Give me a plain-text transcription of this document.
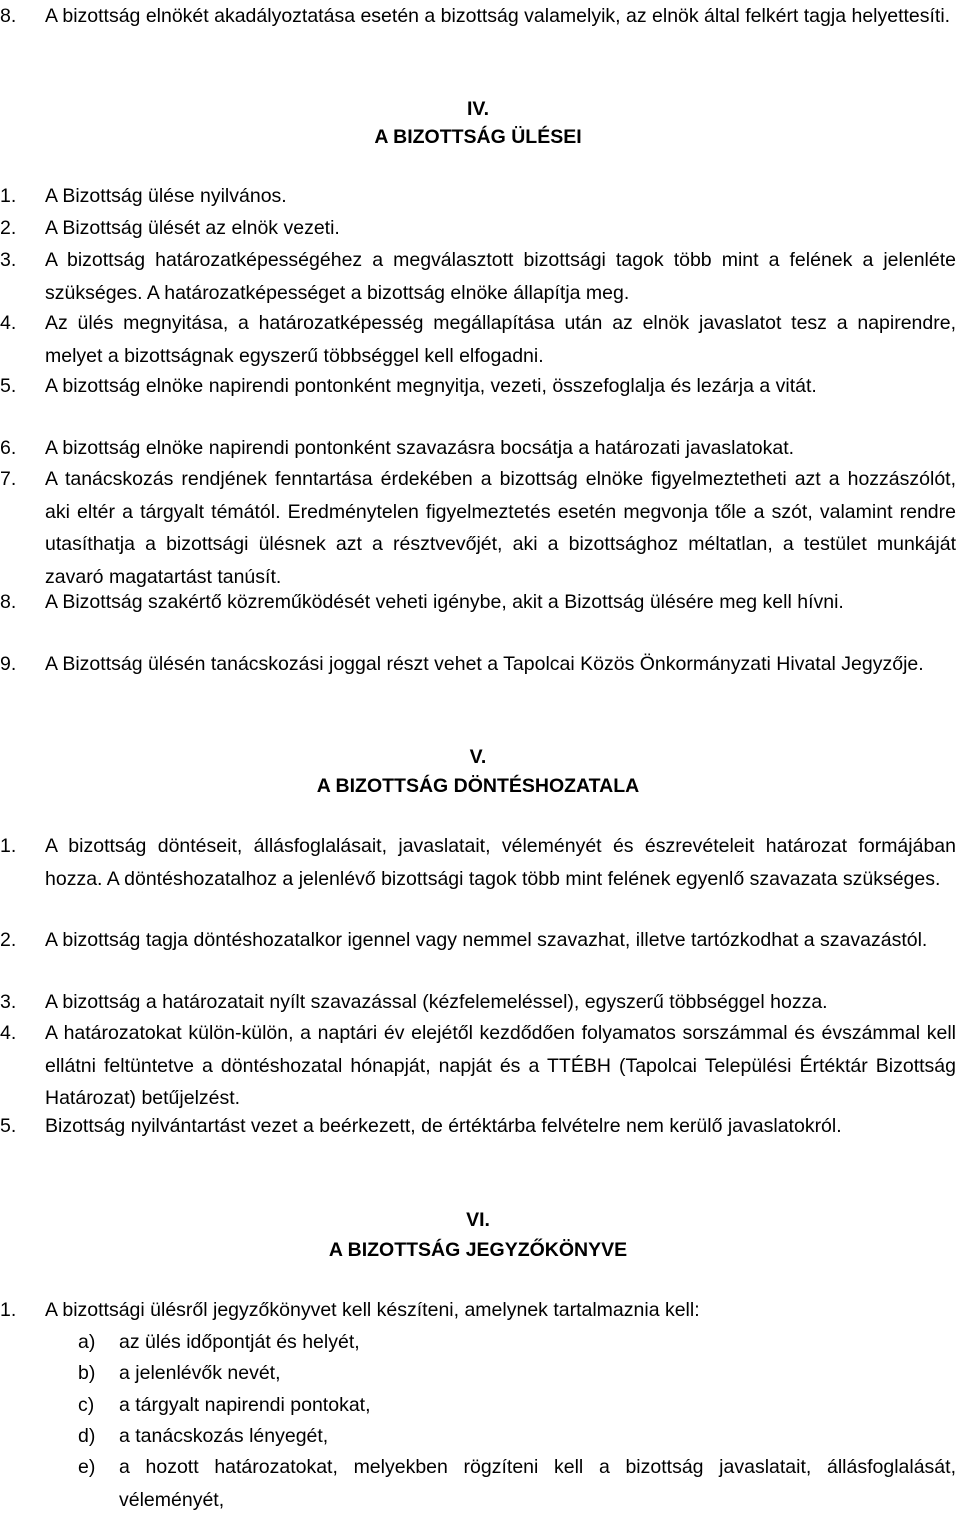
8.	A bizottság elnökét akadályoztatása esetén a bizottság valamelyik, az elnök által felkért tagja helyettesíti.
IV.
A BIZOTTSÁG ÜLÉSEI
1.	A Bizottság ülése nyilvános.
2.	A Bizottság ülését az elnök vezeti.
3.	A bizottság határozatképességéhez a megválasztott bizottsági tagok több mint a felének a jelenléte szükséges. A határozatképességet a bizottság elnöke állapítja meg.
4.	Az ülés megnyitása, a határozatképesség megállapítása után az elnök javaslatot tesz a napirendre, melyet a bizottságnak egyszerű többséggel kell elfogadni.
5.	A bizottság elnöke napirendi pontonként megnyitja, vezeti, összefoglalja és lezárja a vitát.
6.	A bizottság elnöke napirendi pontonként szavazásra bocsátja a határozati javaslatokat.
7.	A tanácskozás rendjének fenntartása érdekében a bizottság elnöke figyelmeztetheti azt a hozzászólót, aki eltér a tárgyalt témától. Eredménytelen figyelmeztetés esetén megvonja tőle a szót, valamint rendre utasíthatja a bizottsági ülésnek azt a résztvevőjét, aki a bizottsághoz méltatlan, a testület munkáját zavaró magatartást tanúsít.
8.	A Bizottság szakértő közreműködését veheti igénybe, akit a Bizottság ülésére meg kell hívni.
9.	A Bizottság ülésén tanácskozási joggal részt vehet a Tapolcai Közös Önkormányzati Hivatal Jegyzője.
V.
A BIZOTTSÁG DÖNTÉSHOZATALA
1.	A bizottság döntéseit, állásfoglalásait, javaslatait, véleményét és észrevételeit határozat formájában hozza. A döntéshozatalhoz a jelenlévő bizottsági tagok több mint felének egyenlő szavazata szükséges.
2.	A bizottság tagja döntéshozatalkor igennel vagy nemmel szavazhat, illetve tartózkodhat a szavazástól.
3.	A bizottság a határozatait nyílt szavazással (kézfelemeléssel), egyszerű többséggel hozza.
4.	A határozatokat külön-külön, a naptári év elejétől kezdődően folyamatos sorszámmal és évszámmal kell ellátni feltüntetve a döntéshozatal hónapját, napját és a TTÉBH (Tapolcai Települési Értéktár Bizottság Határozat) betűjelzést.
5.	Bizottság nyilvántartást vezet a beérkezett, de értéktárba felvételre nem kerülő javaslatokról.
VI.
A BIZOTTSÁG JEGYZŐKÖNYVE
1.	A bizottsági ülésről jegyzőkönyvet kell készíteni, amelynek tartalmaznia kell:
a) az ülés időpontját és helyét,
b) a jelenlévők nevét,
c) a tárgyalt napirendi pontokat,
d) a tanácskozás lényegét,
e) a hozott határozatokat, melyekben rögzíteni kell a bizottság javaslatait, állásfoglalását, véleményét,
